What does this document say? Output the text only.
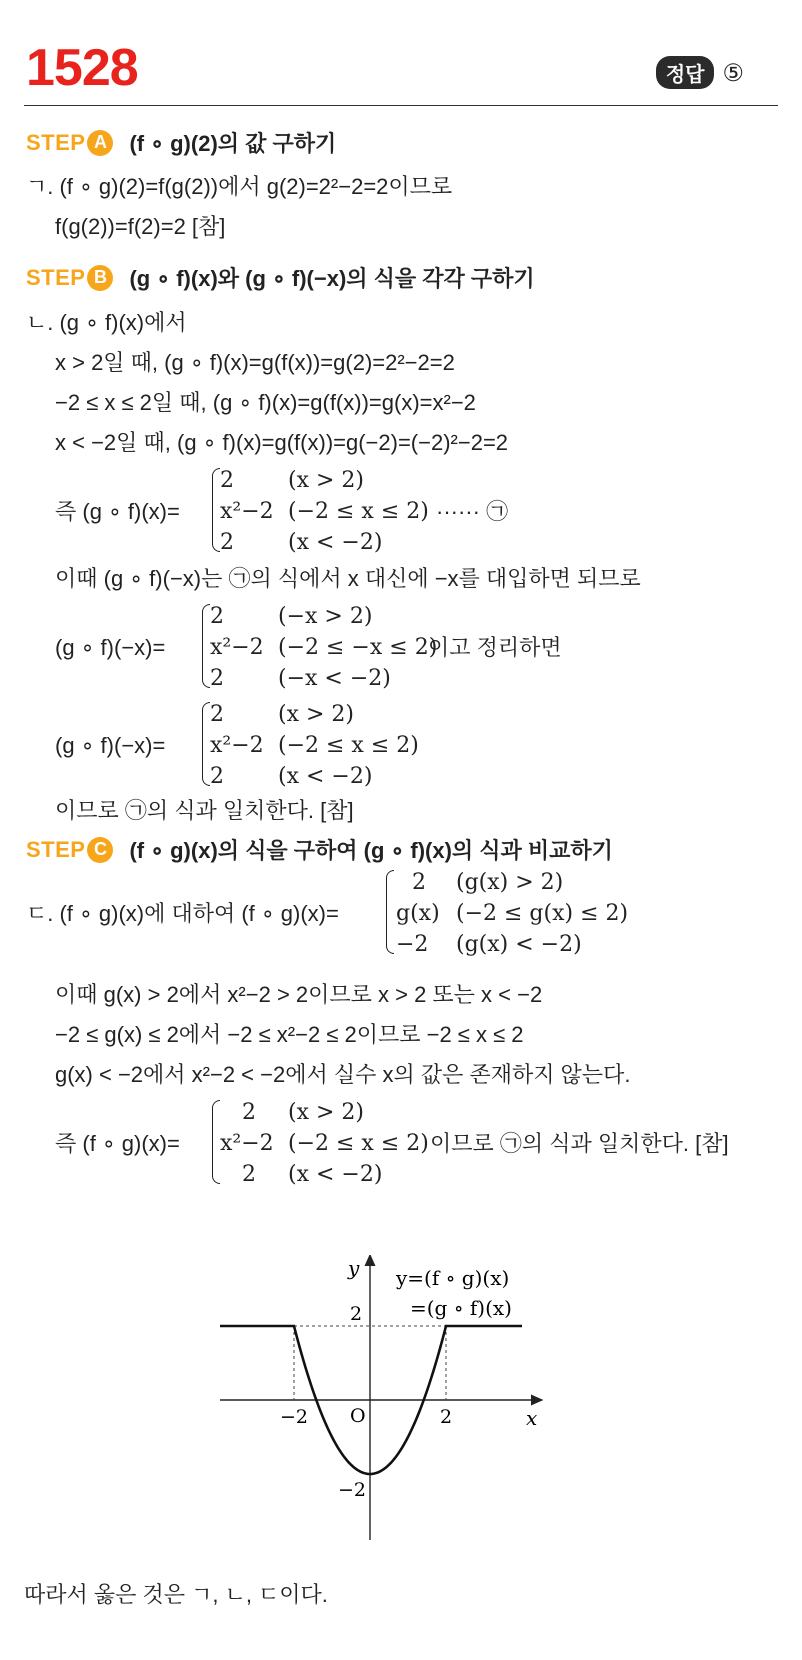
1528	정답 ⑤
STEP A (f ∘ g)(2)의 값 구하기
ㄱ. (f ∘ g)(2)=f(g(2))에서 g(2)=2²−2=2이므로
f(g(2))=f(2)=2 [참]
STEP B (g ∘ f)(x)와 (g ∘ f)(−x)의 식을 각각 구하기
ㄴ. (g ∘ f)(x)에서
x > 2일 때, (g ∘ f)(x)=g(f(x))=g(2)=2²−2=2
−2 ≤ x ≤ 2일 때, (g ∘ f)(x)=g(f(x))=g(x)=x²−2
x < −2일 때, (g ∘ f)(x)=g(f(x))=g(−2)=(−2)²−2=2
즉 (g ∘ f)(x)=
2 (x > 2)
x²−2 (−2 ≤ x ≤ 2)
2 (x < −2)
······ ㉠
이때 (g ∘ f)(−x)는 ㉠의 식에서 x 대신에 −x를 대입하면 되므로
(g ∘ f)(−x)=
2 (−x > 2)
x²−2 (−2 ≤ −x ≤ 2)
2 (−x < −2)
이고 정리하면
(g ∘ f)(−x)=
2 (x > 2)
x²−2 (−2 ≤ x ≤ 2)
2 (x < −2)
이므로 ㉠의 식과 일치한다. [참]
STEP C (f ∘ g)(x)의 식을 구하여 (g ∘ f)(x)의 식과 비교하기
ㄷ. (f ∘ g)(x)에 대하여 (f ∘ g)(x)=
2 (g(x) > 2)
g(x) (−2 ≤ g(x) ≤ 2)
−2 (g(x) < −2)
이때 g(x) > 2에서 x²−2 > 2이므로 x > 2 또는 x < −2
−2 ≤ g(x) ≤ 2에서 −2 ≤ x²−2 ≤ 2이므로 −2 ≤ x ≤ 2
g(x) < −2에서 x²−2 < −2에서 실수 x의 값은 존재하지 않는다.
즉 (f ∘ g)(x)=
2 (x > 2)
x²−2 (−2 ≤ x ≤ 2)
2 (x < −2)
이므로 ㉠의 식과 일치한다. [참]
y
x
O
−2	2
2
−2
y=(f ∘ g)(x)
=(g ∘ f)(x)
따라서 옳은 것은 ㄱ, ㄴ, ㄷ이다.
